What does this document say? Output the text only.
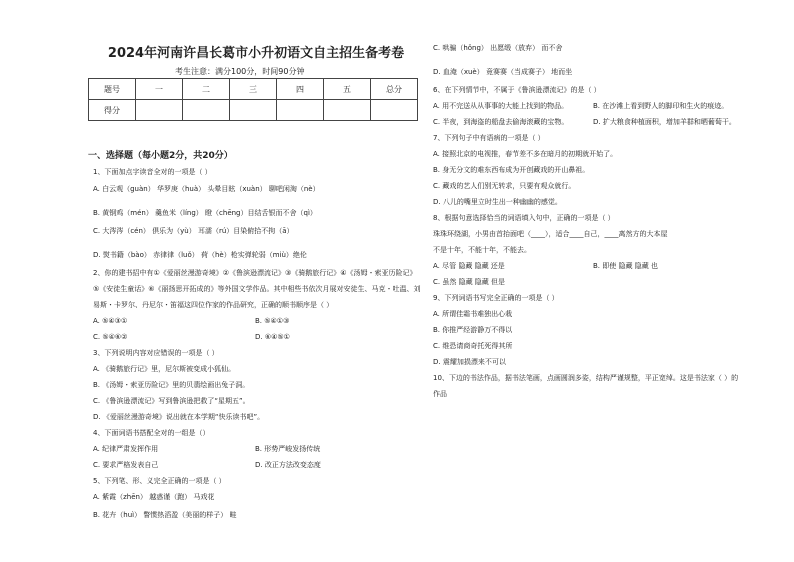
2024年河南许昌长葛市小升初语文自主招生备考卷
考生注意：满分100分，时间90分钟
题号	一	二	三	四	五	总分
得分						
一、选择题（每小题2分，共20分）
1、下面加点字读音全对的一项是（ ）
A. 白云观（guàn） 华罗庚（huà） 头晕目眩（xuàn） 聊吧闲淘（nè）
B. 黄钢鸡（mén） 羹鱼米（líng） 瞪（chēng）目结舌银而不舍（qì）
C. 大涔涔（cén） 倶乐为（yù） 耳濡（rú）目染俯拾不拘（ā）
D. 熨书籍（bào） 赤律律（luǒ） 荷（hè）枪实弹轮弱（miù）绝伦
2、你的建书招中有①《爱丽丝漫游奇境》②《鲁滨逊漂流记》③《骑鹅旅行记》④《汤姆・索亚历险记》
⑤《安徒生童话》⑥《丽扬思开拓成的》等外国文学作品。其中相些书依次月展对安徒生、马克・吐温、刘
易斯・卡罗尔、丹尼尔・笛福这四位作家的作品研究，正确的顺书顺序是（ ）
A. ⑤④③①	B. ⑤④①③
C. ⑤④⑥②	D. ⑥④⑤①
3、下列说明内容对应错误的一项是（ ）
A. 《骑鹅旅行记》里，尼尔斯被变成小狐仙。
B. 《汤姆・索亚历险记》里的贝翡绘画出兔子洞。
C. 《鲁滨逊漂流记》写到鲁滨逊把救了“星期五”。
D. 《爱丽丝漫游奇境》说出就在本学期“快乐读书吧”。
4、下面词语书搭配全对的一组是（）
A. 纪律严肃发挥作用	B. 形势严峻发扬传统
C. 要求严格发表自己	D. 改正方法改变态度
5、下列笔、形、义完全正确的一项是（ ）
A. 紫霞（zhēn） 越惑谨（跑） 马戏花
B. 花卉（huì） 瞥惯热滔盈（美丽的样子） 畦
C. 哄骗（hǒng） 出愿缎（放弃） 而不舍
D. 血淹（xuè） 竟赛赛（当成赛子） 地而坐
6、在下列情节中，不属于《鲁滨逊漂流记》的是（ ）
A. 用不完送从从事事的大能上找到的物品。	B. 在沙滩上看到野人的脚印和生火的痕迹。
C. 半夜，到海盗的船盘去偷海滚藏的宝物。	D. 扩大粮食种植面积，增加羊群和晒葡萄干。
7、下列句子中有语病的一项是（ ）
A. 接照北京的电视推，春节差不多在暗月的初期就开始了。
B. 身无分文的难东西布成为开创藏戏的开山鼻祖。
C. 藏戏的艺人们别无转求，只要有观众就行。
D. 八儿的嘴里立时生出一种幽幽的感觉。
8、根据句意选择恰当的词语填入句中，正确的一项是（ ）
珠珠环绕湖，小男由首抬面吧（____），适合____自己，____离然方的大本屋
不是十年，不能十年，不能去。
A. 尽管 隐藏 隐藏 还是	B. 即使 隐藏 隐藏 也
C. 虽然 隐藏 隐藏 但是
9、下列词语书写完全正确的一项是（ ）
A. 所谓佳霜书难独出心栽
B. 你推严经游静万不得以
C. 维恐请商奇托死得其所
D. 震耀加损漂来不可以
10、下边的书法作品，据书法笔画，点画圆润多姿，结构严谨规整，平正宽绰。这是书法家（ ）的
作品
